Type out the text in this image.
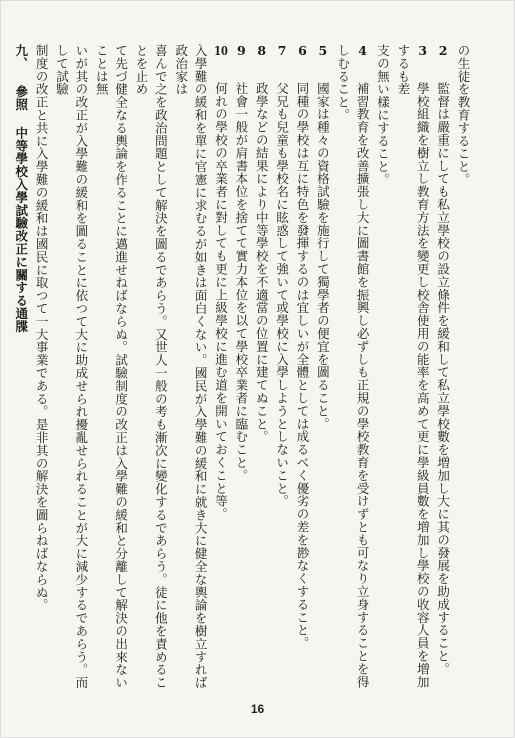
の生徒を教育すること。
2 監督は嚴重にしても私立學校の設立條件を緩和して私立學校數を増加し大に其の發展を助成すること。
3 學校組織を樹立し教育方法を變更し校舎使用の能率を高めて更に學級員數を増加し學校の收容人員を増加するも差
支の無い樣にすること。
4 補習教育を改善擴張し大に圖書館を振興し必ずしも正規の學校教育を受けずとも可なり立身することを得しむること。
5 國家は種々の資格試驗を施行して獨學者の便宜を圖ること。
6 同種の學校は互に特色を發揮するのは宜しいが全體としては成るべく優劣の差を尠なくすること。
7 父兄も兒童も學校名に眩惑して強いて或學校に入學しようとしないこと。
8 政學などの結果により中等學校を不適當の位置に建てぬこと。
9 社會一般が肩書本位を捨てて實力本位を以て學校卒業者に臨むこと。
10 何れの學校の卒業者に對しても更に上級學校に進む道を開いておくこと等。
入學難の緩和を單に官憲に求むるが如きは面白くない。國民が入學難の緩和に就き大に健全な輿論を樹立すれば政治家は
喜んで之を政治問題として解決を圖るであらう。又世人一般の考も漸次に變化するであらう。徒に他を責めることを止め
て先づ健全なる輿論を作ることに邁進せねばならぬ。試驗制度の改正は入學難の緩和と分離して解決の出來ないことは無
いが其の改正が入學難の緩和を圖ることに依つて大に助成せられ擾亂せられることが大に減少するであらう。而して試驗
制度の改正と共に入學難の緩和は國民に取つて一大事業である。是非其の解決を圖らねばならぬ。
九、 參照 中等學校入學試驗改正に關する通牒
16
